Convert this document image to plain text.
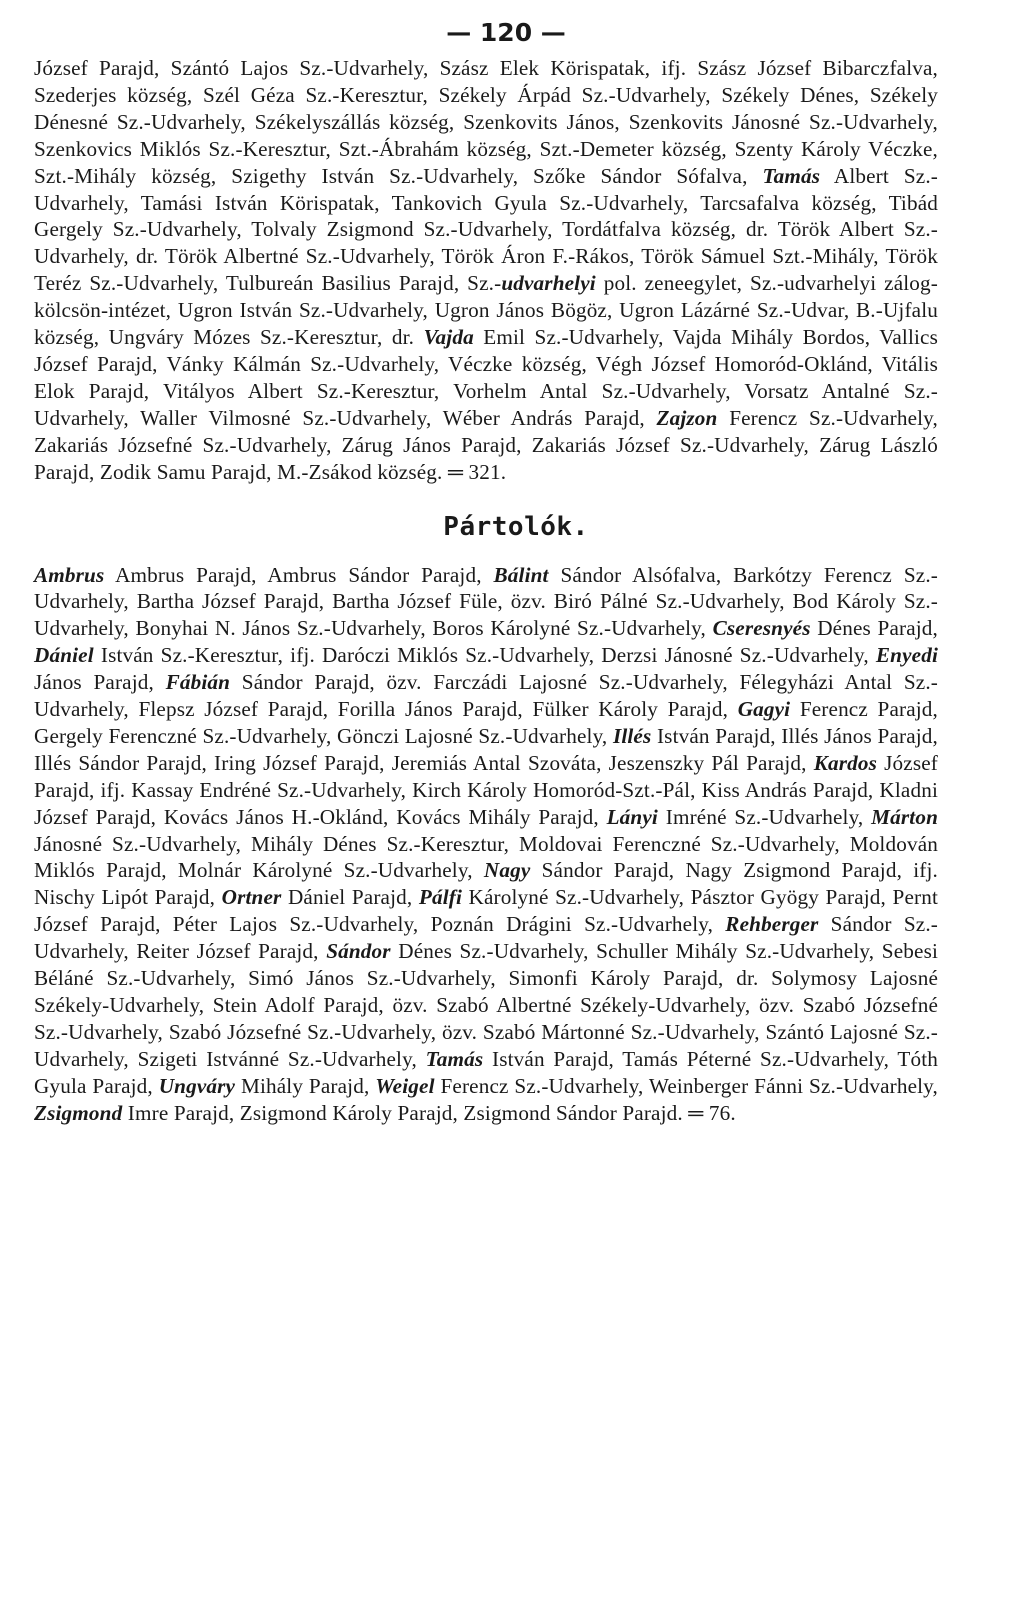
— 120 —

József Parajd, Szántó Lajos Sz.-Udvarhely, Szász Elek Körispatak, ifj. Szász József Bibarczfalva, Szederjes község, Szél Géza Sz.-Keresztur, Székely Árpád Sz.-Udvarhely, Székely Dénes, Székely Dénesné Sz.-Udvarhely, Székelyszállás község, Szenkovits János, Szenkovits Jánosné Sz.-Udvarhely, Szenkovics Miklós Sz.-Keresztur, Szt.-Ábrahám község, Szt.-Demeter község, Szenty Károly Véczke, Szt.-Mihály község, Szigethy István Sz.-Udvarhely, Szőke Sándor Sófalva, Tamás Albert Sz.-Udvarhely, Tamási István Körispatak, Tankovich Gyula Sz.-Udvarhely, Tarcsafalva község, Tibád Gergely Sz.-Udvarhely, Tolvaly Zsigmond Sz.-Udvarhely, Tordátfalva község, dr. Török Albert Sz.-Udvarhely, dr. Török Albertné Sz.-Udvarhely, Török Áron F.-Rákos, Török Sámuel Szt.-Mihály, Török Teréz Sz.-Udvarhely, Tulbureán Basilius Parajd, Sz.-udvarhelyi pol. zeneegylet, Sz.-udvarhelyi zálog-kölcsön-intézet, Ugron István Sz.-Udvarhely, Ugron János Bögöz, Ugron Lázárné Sz.-Udvar, B.-Ujfalu község, Ungváry Mózes Sz.-Keresztur, dr. Vajda Emil Sz.-Udvarhely, Vajda Mihály Bordos, Vallics József Parajd, Vánky Kálmán Sz.-Udvarhely, Véczke község, Végh József Homoród-Oklánd, Vitális Elok Parajd, Vitályos Albert Sz.-Keresztur, Vorhelm Antal Sz.-Udvarhely, Vorsatz Antalné Sz.-Udvarhely, Waller Vilmosné Sz.-Udvarhely, Wéber András Parajd, Zajzon Ferencz Sz.-Udvarhely, Zakariás Józsefné Sz.-Udvarhely, Zárug János Parajd, Zakariás József Sz.-Udvarhely, Zárug László Parajd, Zodik Samu Parajd, M.-Zsákod község. ═ 321.

Pártolók.

Ambrus Ambrus Parajd, Ambrus Sándor Parajd, Bálint Sándor Alsófalva, Barkótzy Ferencz Sz.-Udvarhely, Bartha József Parajd, Bartha József Füle, özv. Biró Pálné Sz.-Udvarhely, Bod Károly Sz.-Udvarhely, Bonyhai N. János Sz.-Udvarhely, Boros Károlyné Sz.-Udvarhely, Cseresnyés Dénes Parajd, Dániel István Sz.-Keresztur, ifj. Daróczi Miklós Sz.-Udvarhely, Derzsi Jánosné Sz.-Udvarhely, Enyedi János Parajd, Fábián Sándor Parajd, özv. Farczádi Lajosné Sz.-Udvarhely, Félegyházi Antal Sz.-Udvarhely, Flepsz József Parajd, Forilla János Parajd, Fülker Károly Parajd, Gagyi Ferencz Parajd, Gergely Ferenczné Sz.-Udvarhely, Gönczi Lajosné Sz.-Udvarhely, Illés István Parajd, Illés János Parajd, Illés Sándor Parajd, Iring József Parajd, Jeremiás Antal Szováta, Jeszenszky Pál Parajd, Kardos József Parajd, ifj. Kassay Endréné Sz.-Udvarhely, Kirch Károly Homoród-Szt.-Pál, Kiss András Parajd, Kladni József Parajd, Kovács János H.-Oklánd, Kovács Mihály Parajd, Lányi Imréné Sz.-Udvarhely, Márton Jánosné Sz.-Udvarhely, Mihály Dénes Sz.-Keresztur, Moldovai Ferenczné Sz.-Udvarhely, Moldován Miklós Parajd, Molnár Károlyné Sz.-Udvarhely, Nagy Sándor Parajd, Nagy Zsigmond Parajd, ifj. Nischy Lipót Parajd, Ortner Dániel Parajd, Pálfi Károlyné Sz.-Udvarhely, Pásztor Gyögy Parajd, Pernt József Parajd, Péter Lajos Sz.-Udvarhely, Poznán Drágini Sz.-Udvarhely, Rehberger Sándor Sz.-Udvarhely, Reiter József Parajd, Sándor Dénes Sz.-Udvarhely, Schuller Mihály Sz.-Udvarhely, Sebesi Béláné Sz.-Udvarhely, Simó János Sz.-Udvarhely, Simonfi Károly Parajd, dr. Solymosy Lajosné Székely-Udvarhely, Stein Adolf Parajd, özv. Szabó Albertné Székely-Udvarhely, özv. Szabó Józsefné Sz.-Udvarhely, Szabó Józsefné Sz.-Udvarhely, özv. Szabó Mártonné Sz.-Udvarhely, Szántó Lajosné Sz.-Udvarhely, Szigeti Istvánné Sz.-Udvarhely, Tamás István Parajd, Tamás Péterné Sz.-Udvarhely, Tóth Gyula Parajd, Ungváry Mihály Parajd, Weigel Ferencz Sz.-Udvarhely, Weinberger Fánni Sz.-Udvarhely, Zsigmond Imre Parajd, Zsigmond Károly Parajd, Zsigmond Sándor Parajd. ═ 76.
